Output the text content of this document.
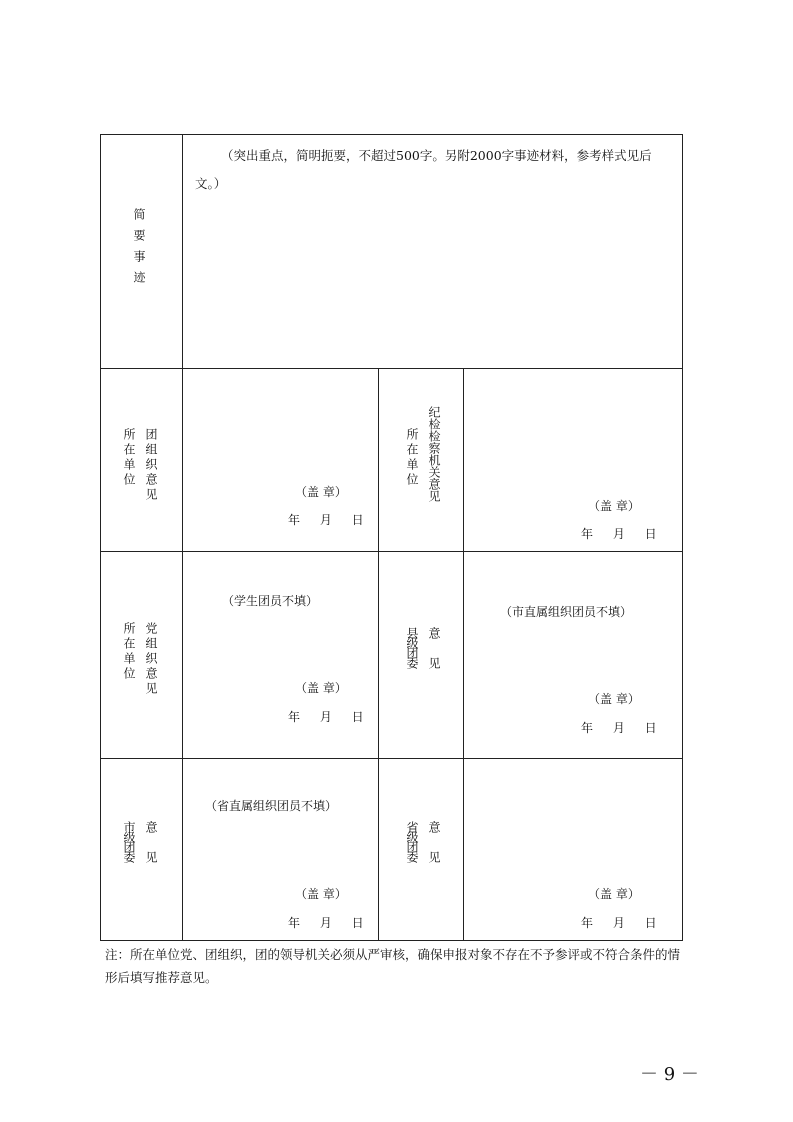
简要事迹
（突出重点，简明扼要，不超过500字。另附2000字事迹材料，参考样式见后文。）
所在单位 团组织意见	（盖 章）
年 月 日
所在单位 纪检检察机关意见
（盖 章）
年 月 日
所在单位 党组织意见
（学生团员不填）
（盖 章）
年 月 日
县级团委 意见
（市直属组织团员不填）
（盖 章）
年 月 日
市级团委 意见
（省直属组织团员不填）
（盖 章）
年 月 日
省级团委 意见
（盖 章）
年 月 日
注：所在单位党、团组织，团的领导机关必须从严审核，确保申报对象不存在不予参评或不符合条件的情形后填写推荐意见。
－ 9 －
